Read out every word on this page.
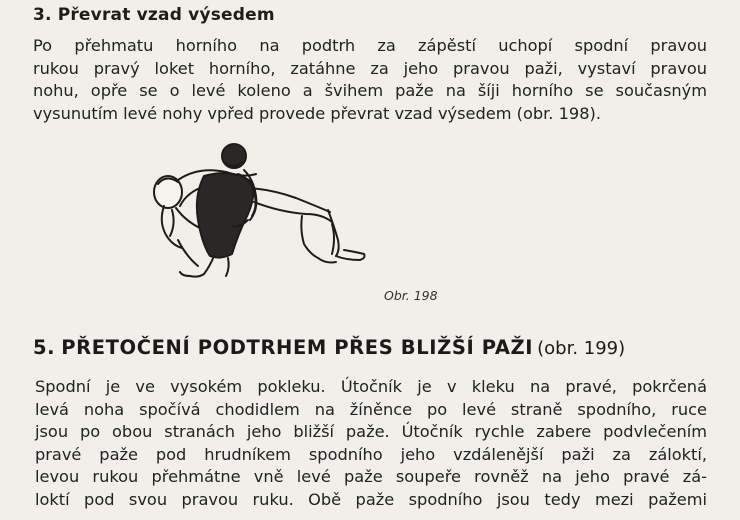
3. Převrat vzad výsedem
Po přehmatu horního na podtrh za zápěstí uchopí spodní pravou
rukou pravý loket horního, zatáhne za jeho pravou paži, vystaví pravou
nohu, opře se o levé koleno a švihem paže na šíji horního se současným
vysunutím levé nohy vpřed provede převrat vzad výsedem (obr. 198).
Obr. 198
5. PŘETOČENÍ PODTRHEM PŘES BLIŽŠÍ PAŽI (obr. 199)
Spodní je ve vysokém pokleku. Útočník je v kleku na pravé, pokrčená
levá noha spočívá chodidlem na žíněnce po levé straně spodního, ruce
jsou po obou stranách jeho bližší paže. Útočník rychle zabere podvlečením
pravé paže pod hrudníkem spodního jeho vzdálenější paži za záloktí,
levou rukou přehmátne vně levé paže soupeře rovněž na jeho pravé zá-
loktí pod svou pravou ruku. Obě paže spodního jsou tedy mezi pažemi
